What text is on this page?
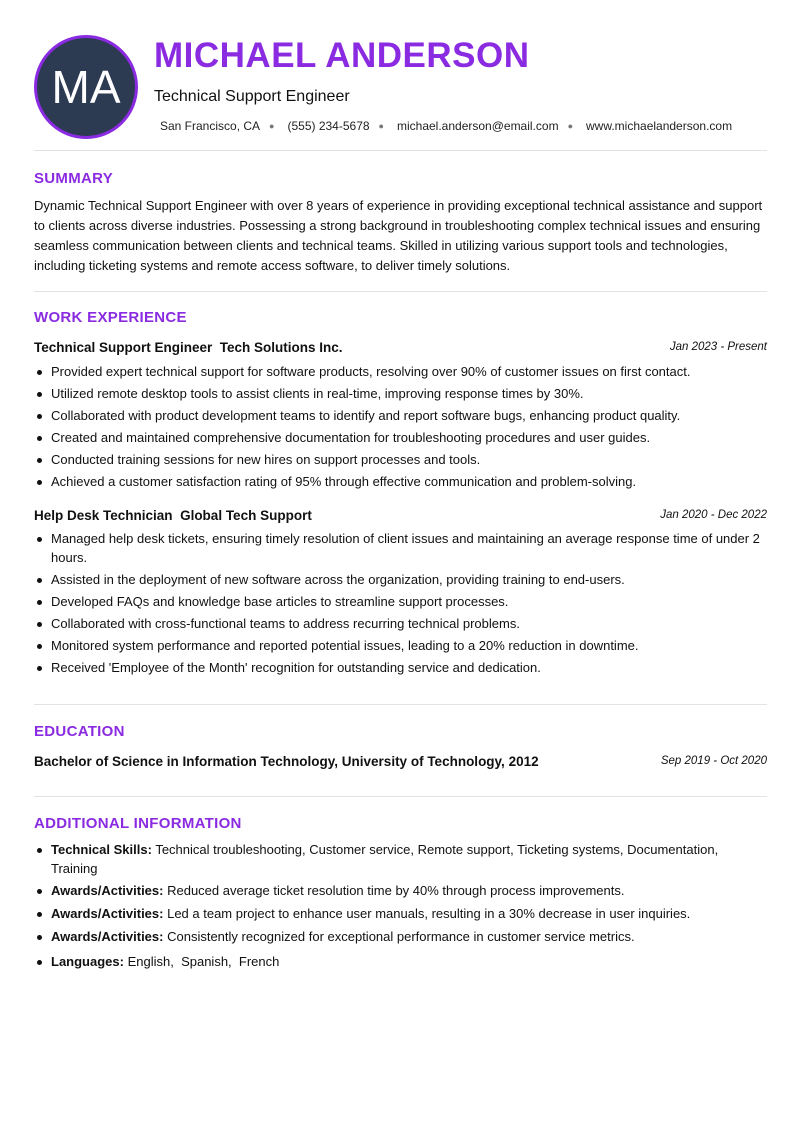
MA
MICHAEL ANDERSON
Technical Support Engineer
San Francisco, CA ● (555) 234-5678 ● michael.anderson@email.com ● www.michaelanderson.com
SUMMARY
Dynamic Technical Support Engineer with over 8 years of experience in providing exceptional technical assistance and support to clients across diverse industries. Possessing a strong background in troubleshooting complex technical issues and ensuring seamless communication between clients and technical teams. Skilled in utilizing various support tools and technologies, including ticketing systems and remote access software, to deliver timely solutions.
WORK EXPERIENCE
Technical Support Engineer Tech Solutions Inc.	Jan 2023 - Present
Provided expert technical support for software products, resolving over 90% of customer issues on first contact.
Utilized remote desktop tools to assist clients in real-time, improving response times by 30%.
Collaborated with product development teams to identify and report software bugs, enhancing product quality.
Created and maintained comprehensive documentation for troubleshooting procedures and user guides.
Conducted training sessions for new hires on support processes and tools.
Achieved a customer satisfaction rating of 95% through effective communication and problem-solving.
Help Desk Technician Global Tech Support	Jan 2020 - Dec 2022
Managed help desk tickets, ensuring timely resolution of client issues and maintaining an average response time of under 2 hours.
Assisted in the deployment of new software across the organization, providing training to end-users.
Developed FAQs and knowledge base articles to streamline support processes.
Collaborated with cross-functional teams to address recurring technical problems.
Monitored system performance and reported potential issues, leading to a 20% reduction in downtime.
Received 'Employee of the Month' recognition for outstanding service and dedication.
EDUCATION
Bachelor of Science in Information Technology, University of Technology, 2012	Sep 2019 - Oct 2020
ADDITIONAL INFORMATION
Technical Skills: Technical troubleshooting, Customer service, Remote support, Ticketing systems, Documentation, Training
Awards/Activities: Reduced average ticket resolution time by 40% through process improvements.
Awards/Activities: Led a team project to enhance user manuals, resulting in a 30% decrease in user inquiries.
Awards/Activities: Consistently recognized for exceptional performance in customer service metrics.
Languages: English,  Spanish,  French
